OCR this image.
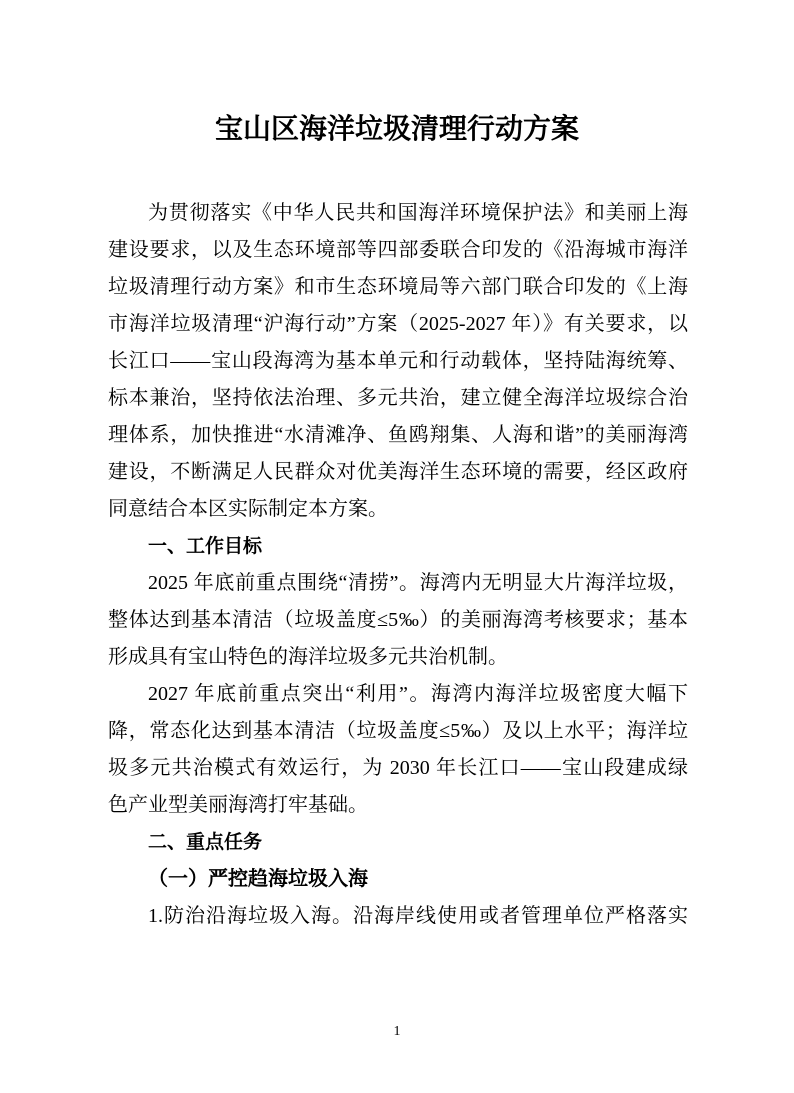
宝山区海洋垃圾清理行动方案
为贯彻落实《中华人民共和国海洋环境保护法》和美丽上海
建设要求，以及生态环境部等四部委联合印发的《沿海城市海洋
垃圾清理行动方案》和市生态环境局等六部门联合印发的《上海
市海洋垃圾清理“沪海行动”方案（2025-2027 年）》有关要求，以
长江口——宝山段海湾为基本单元和行动载体，坚持陆海统筹、
标本兼治，坚持依法治理、多元共治，建立健全海洋垃圾综合治
理体系，加快推进“水清滩净、鱼鸥翔集、人海和谐”的美丽海湾
建设，不断满足人民群众对优美海洋生态环境的需要，经区政府
同意结合本区实际制定本方案。
一、工作目标
2025 年底前重点围绕“清捞”。海湾内无明显大片海洋垃圾，
整体达到基本清洁（垃圾盖度≤5‰）的美丽海湾考核要求；基本
形成具有宝山特色的海洋垃圾多元共治机制。
2027 年底前重点突出“利用”。海湾内海洋垃圾密度大幅下
降，常态化达到基本清洁（垃圾盖度≤5‰）及以上水平；海洋垃
圾多元共治模式有效运行，为 2030 年长江口——宝山段建成绿
色产业型美丽海湾打牢基础。
二、重点任务
（一）严控趋海垃圾入海
1.防治沿海垃圾入海。沿海岸线使用或者管理单位严格落实
1
